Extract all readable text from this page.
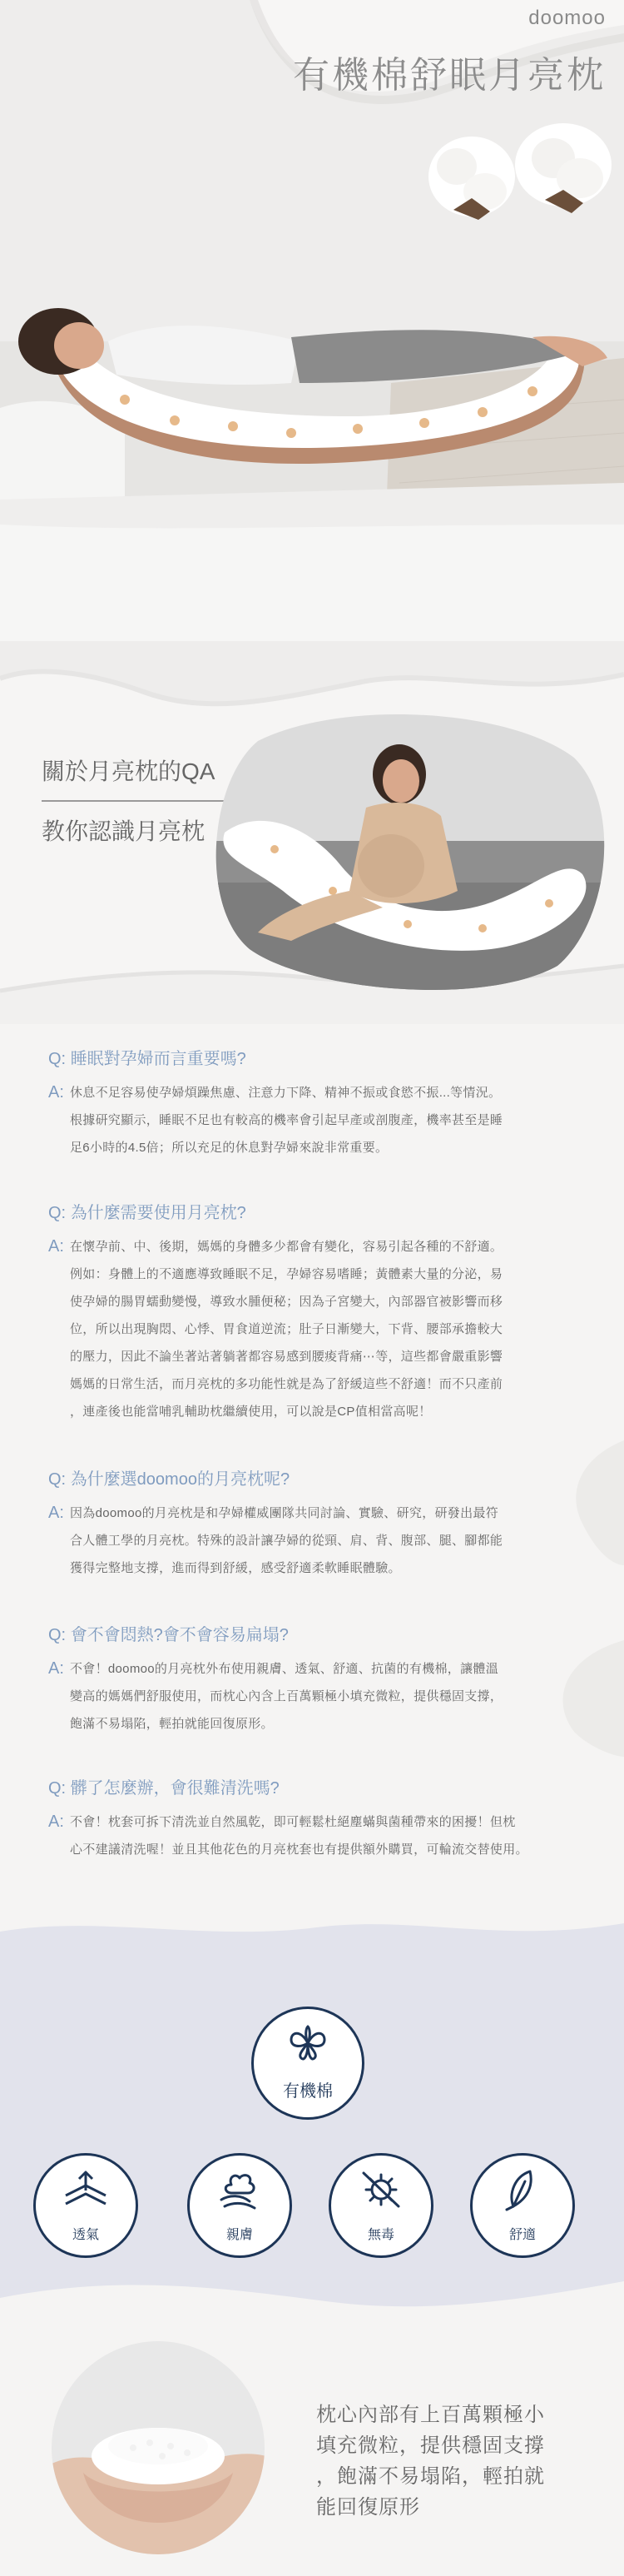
doomoo
有機棉舒眠月亮枕
關於月亮枕的QA

教你認識月亮枕

Q: 睡眠對孕婦而言重要嗎?

A: 休息不足容易使孕婦煩躁焦慮、注意力下降、精神不振或食慾不振...等情況。
根據研究顯示，睡眠不足也有較高的機率會引起早產或剖腹產，機率甚至是睡
足6小時的4.5倍；所以充足的休息對孕婦來說非常重要。

Q: 為什麼需要使用月亮枕?

A: 在懷孕前、中、後期，媽媽的身體多少都會有變化，容易引起各種的不舒適。
例如：身體上的不適應導致睡眠不足，孕婦容易嗜睡；黃體素大量的分泌，易
使孕婦的腸胃蠕動變慢，導致水腫便秘；因為子宮變大，內部器官被影響而移
位，所以出現胸悶、心悸、胃食道逆流；肚子日漸變大，下背、腰部承擔較大
的壓力，因此不論坐著站著躺著都容易感到腰痠背痛⋯等，這些都會嚴重影響
媽媽的日常生活，而月亮枕的多功能性就是為了舒緩這些不舒適！而不只產前
，連產後也能當哺乳輔助枕繼續使用，可以說是CP值相當高呢！

Q: 為什麼選doomoo的月亮枕呢?

A: 因為doomoo的月亮枕是和孕婦權威團隊共同討論、實驗、研究，研發出最符
合人體工學的月亮枕。特殊的設計讓孕婦的從頸、肩、背、腹部、腿、腳都能
獲得完整地支撐，進而得到舒緩，感受舒適柔軟睡眠體驗。

Q: 會不會悶熱?會不會容易扁塌?

A: 不會！doomoo的月亮枕外布使用親膚、透氣、舒適、抗菌的有機棉，讓體溫
變高的媽媽們舒服使用，而枕心內含上百萬顆極小填充微粒，提供穩固支撐，
飽滿不易塌陷，輕拍就能回復原形。

Q: 髒了怎麼辦，會很難清洗嗎?

A: 不會！枕套可拆下清洗並自然風乾，即可輕鬆杜絕塵蟎與菌種帶來的困擾！但枕
心不建議清洗喔！並且其他花色的月亮枕套也有提供額外購買，可輪流交替使用。
有機棉
透氣	親膚	無毒	舒適
枕心內部有上百萬顆極小
填充微粒，提供穩固支撐
，飽滿不易塌陷，輕拍就
能回復原形
